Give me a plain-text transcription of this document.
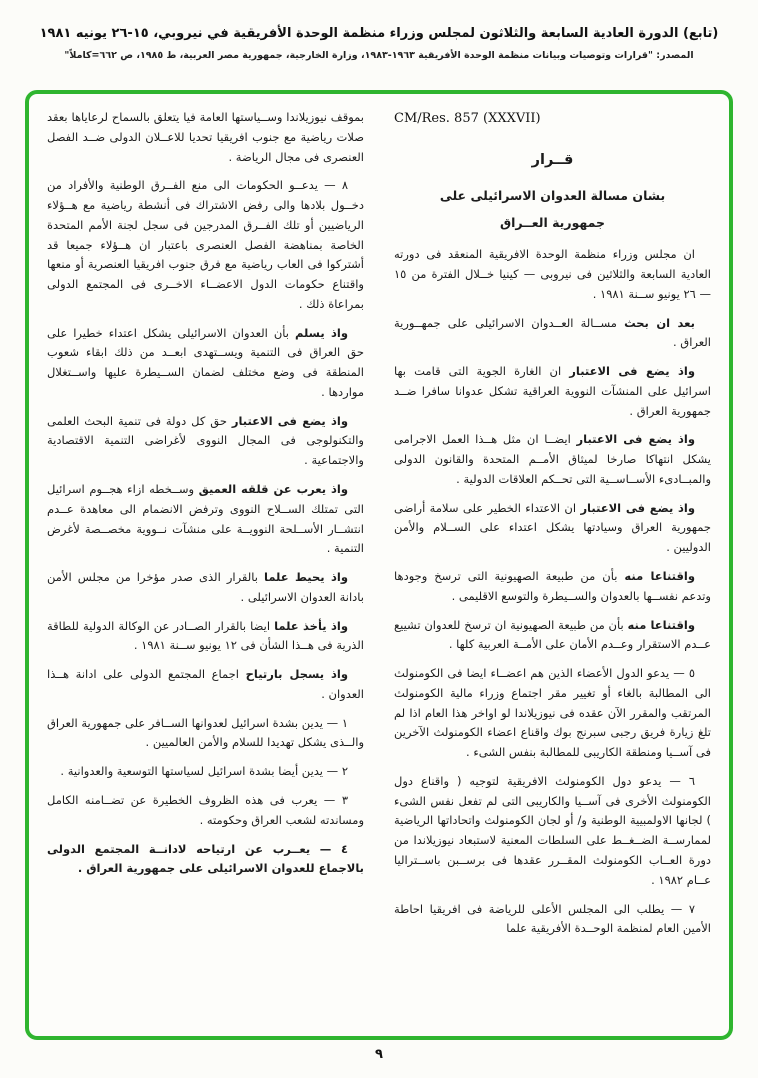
(تابع) الدورة العادية السابعة والثلاثون لمجلس وزراء منظمة الوحدة الأفريقية في نيروبي، ١٥-٢٦ يونيه ١٩٨١
المصدر: "قرارات وتوصيات وبيانات منظمة الوحدة الأفريقية ١٩٦٣-١٩٨٣، وزارة الخارجية، جمهورية مصر العربية، ط ١٩٨٥، ص ٦٦٢=كاملاً"

CM/Res. 857 (XXXVII)

قــرار

بشان مسالة العدوان الاسرائيلى على

جمهورية العــراق

ان مجلس وزراء منظمة الوحدة الافريقية المنعقد فى دورته العادية السابعة والثلاثين فى نيروبى — كينيا خــلال الفترة من ١٥ — ٢٦ يونيو ســنة ١٩٨١ .

بعد ان بحث مســالة العــدوان الاسرائيلى على جمهــورية العراق .

واذ يضع فى الاعتبار ان الغارة الجوية التى قامت بها اسرائيل على المنشآت النووية العراقية تشكل عدوانا سافرا ضــد جمهورية العراق .

واذ يضع فى الاعتبار ايضــا ان مثل هــذا العمل الاجرامى يشكل انتهاكا صارخا لميثاق الأمــم المتحدة والقانون الدولى والمبــادىء الأســاســية التى تحــكم العلاقات الدولية .

واذ يضع فى الاعتبار ان الاعتداء الخطير على سلامة أراضى جمهورية العراق وسيادتها يشكل اعتداء على الســلام والأمن الدوليين .

واقتناعا منه بأن من طبيعة الصهيونية التى ترسخ وجودها وتدعم نفســها بالعدوان والســيطرة والتوسع الاقليمى .

واقتناعا منه بأن من طبيعة الصهيونية ان ترسخ للعدوان تشييع عــدم الاستقرار وعــدم الأمان على الأمــة العربية كلها .

٥ — يدعو الدول الأعضاء الذين هم اعضــاء ايضا فى الكومنولث الى المطالبة بالغاء أو تغيير مقر اجتماع وزراء مالية الكومنولث المرتقب والمقرر الآن عقده فى نيوزيلاندا لو اواخر هذا العام اذا لم تلغ زيارة فريق رجبى سبرنج بوك واقناع اعضاء الكومنولث الآخرين فى آســيا ومنطقة الكاريبى للمطالبة بنفس الشىء .

٦ — يدعو دول الكومنولث الافريقية لتوجيه ( واقناع دول الكومنولث الأخرى فى آســيا والكاريبى التى لم تفعل نفس الشىء ) لجانها الاولمبيية الوطنية و/ أو لجان الكومنولث واتحاداتها الرياضية لممارســة الضــغــط على السلطات المعنية لاستبعاد نيوزيلاندا من دورة العــاب الكومنولث المقــرر عقدها فى برســبن باســتراليا عــام ١٩٨٢ .

٧ — يطلب الى المجلس الأعلى للرياضة فى افريقيا احاطة الأمين العام لمنظمة الوحــدة الأفريقية علما

بموقف نيوزيلاندا وســياستها العامة فيا يتعلق بالسماح لرعاياها بعقد صلات رياضية مع جنوب افريقيا تحديا للاعــلان الدولى ضــد الفصل العنصرى فى مجال الرياضة .

٨ — يدعــو الحكومات الى منع الفــرق الوطنية والأفراد من دخــول بلادها والى رفض الاشتراك فى أنشطة رياضية مع هــؤلاء الرياضيين أو تلك الفــرق المدرجين فى سجل لجنة الأمم المتحدة الخاصة بمناهضة الفصل العنصرى باعتبار ان هــؤلاء جميعا قد أشتركوا فى العاب رياضية مع فرق جنوب افريقيا العنصرية أو منعها واقتناع حكومات الدول الاعضــاء الاخــرى فى المجتمع الدولى بمراعاة ذلك .

واذ يسلم بأن العدوان الاسرائيلى يشكل اعتداء خطيرا على حق العراق فى التنمية ويســتهدى ابعــد من ذلك ابقاء شعوب المنطقة فى وضع مختلف لضمان الســيطرة عليها واســتغلال مواردها .

واذ يضع فى الاعتبار حق كل دولة فى تنمية البحث العلمى والتكنولوجى فى المجال النووى لأغراضى التنمية الاقتصادية والاجتماعية .

واذ يعرب عن قلقه العميق وســخطه ازاء هجــوم اسرائيل التى تمتلك الســلاح النووى وترفض الانضمام الى معاهدة عــدم انتشــار الأســلحة النوويــة على منشآت نــووية مخصــصة لأغرض التنمية .

واذ يحيط علما بالقرار الذى صدر مؤخرا من مجلس الأمن بادانة العدوان الاسرائيلى .

واذ يأخذ علما ايضا بالقرار الصــادر عن الوكالة الدولية للطاقة الذرية فى هــذا الشأن فى ١٢ يونيو ســنة ١٩٨١ .

واذ يسجل بارتياح اجماع المجتمع الدولى على ادانة هــذا العدوان .

١ — يدين بشدة اسرائيل لعدوانها الســافر على جمهورية العراق والــذى يشكل تهديدا للسلام والأمن العالميين .

٢ — يدين أيضا بشدة اسرائيل لسياستها التوسعية والعدوانية .

٣ — يعرب فى هذه الظروف الخطيرة عن تضــامنه الكامل ومساندته لشعب العراق وحكومته .

٤ — يعــرب عن ارتياحه لادانــة المجتمع الدولى بالاجماع للعدوان الاسرائيلى على جمهورية العراق .

٩
